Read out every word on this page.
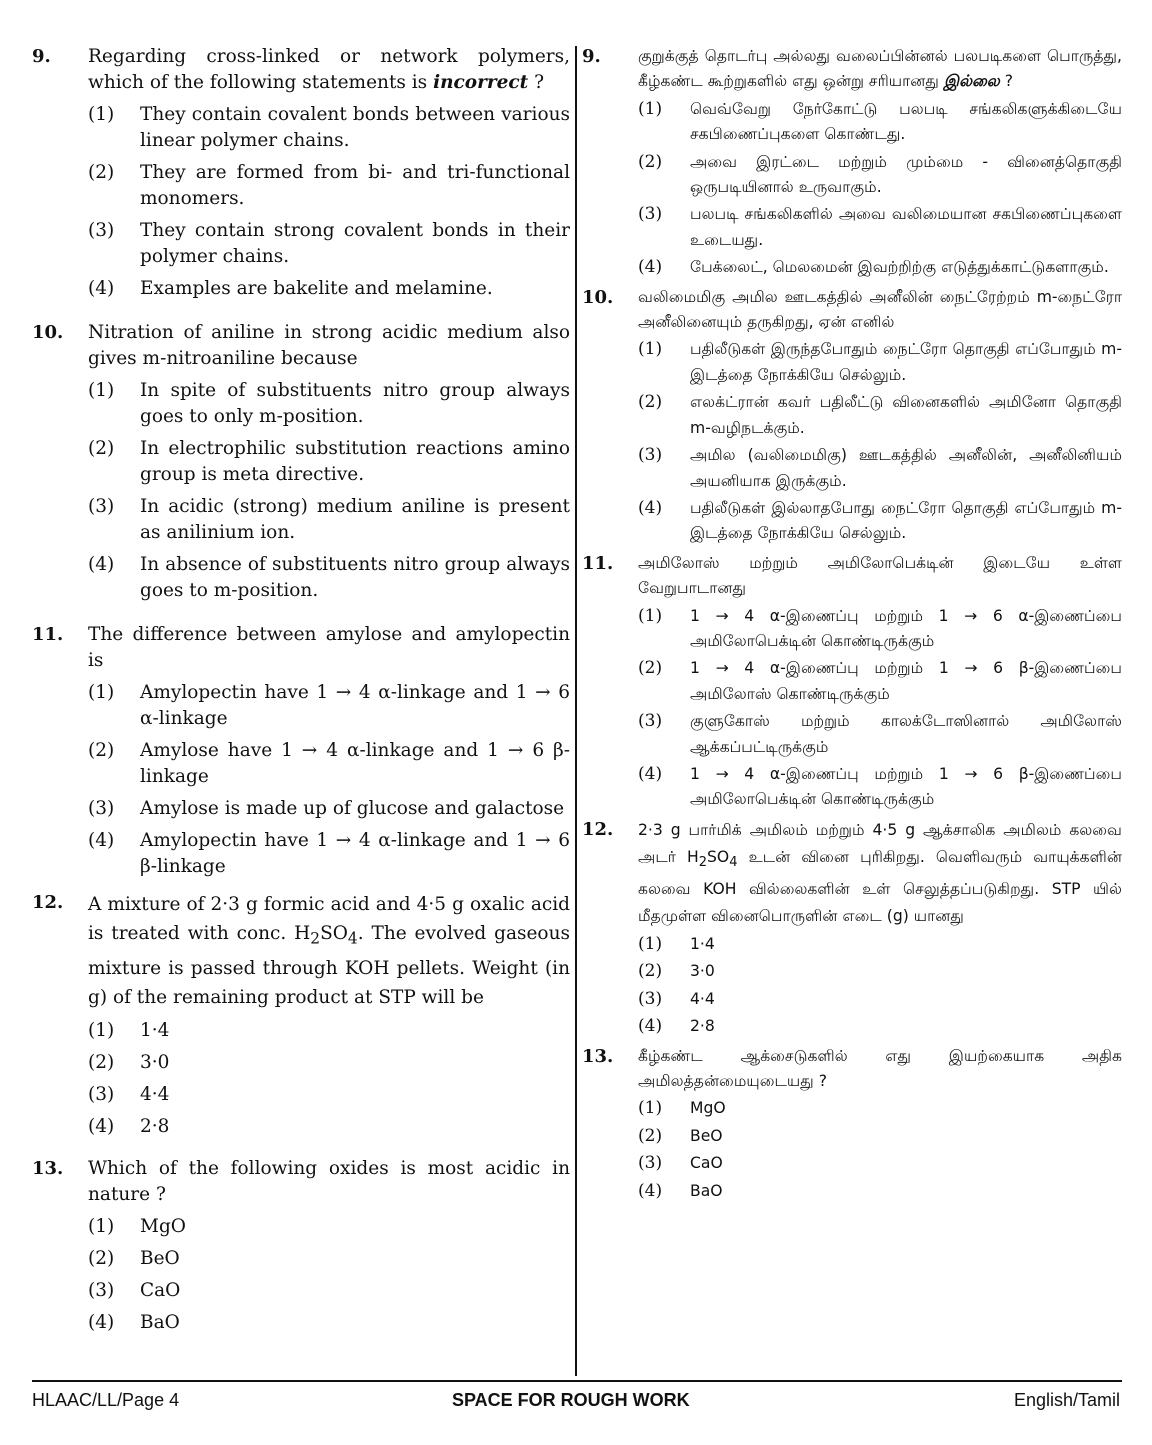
9.	Regarding cross-linked or network polymers, which of the following statements is incorrect ?
(1)	They contain covalent bonds between various linear polymer chains.
(2)	They are formed from bi- and tri-functional monomers.
(3)	They contain strong covalent bonds in their polymer chains.
(4)	Examples are bakelite and melamine.
10.	Nitration of aniline in strong acidic medium also gives m-nitroaniline because
(1)	In spite of substituents nitro group always goes to only m-position.
(2)	In electrophilic substitution reactions amino group is meta directive.
(3)	In acidic (strong) medium aniline is present as anilinium ion.
(4)	In absence of substituents nitro group always goes to m-position.
11.	The difference between amylose and amylopectin is
(1)	Amylopectin have 1 → 4 α-linkage and 1 → 6 α-linkage
(2)	Amylose have 1 → 4 α-linkage and 1 → 6 β-linkage
(3)	Amylose is made up of glucose and galactose
(4)	Amylopectin have 1 → 4 α-linkage and 1 → 6 β-linkage
12.	A mixture of 2·3 g formic acid and 4·5 g oxalic acid is treated with conc. $H_2SO_4$. The evolved gaseous mixture is passed through KOH pellets. Weight (in g) of the remaining product at STP will be
(1)	1·4
(2)	3·0
(3)	4·4
(4)	2·8
13.	Which of the following oxides is most acidic in nature ?
(1)	MgO
(2)	BeO
(3)	CaO
(4)	BaO
9.	குறுக்குத் தொடர்பு அல்லது வலைப்பின்னல் பலபடிகளை பொருத்து, கீழ்கண்ட கூற்றுகளில் எது ஒன்று சரியானது இல்லை ?
(1)	வெவ்வேறு நேர்கோட்டு பலபடி சங்கலிகளுக்கிடையே சகபிணைப்புகளை கொண்டது.
(2)	அவை இரட்டை மற்றும் மும்மை - வினைத்தொகுதி ஒருபடியினால் உருவாகும்.
(3)	பலபடி சங்கலிகளில் அவை வலிமையான சகபிணைப்புகளை உடையது.
(4)	பேக்லைட், மெலமைன் இவற்றிற்கு எடுத்துக்காட்டுகளாகும்.
10.	வலிமைமிகு அமில ஊடகத்தில் அனீலின் நைட்ரேற்றம் m-நைட்ரோ அனீலினையும் தருகிறது, ஏன் எனில்
(1)	பதிலீடுகள் இருந்தபோதும் நைட்ரோ தொகுதி எப்போதும் m-இடத்தை நோக்கியே செல்லும்.
(2)	எலக்ட்ரான் கவர் பதிலீட்டு வினைகளில் அமினோ தொகுதி m-வழிநடக்கும்.
(3)	அமில (வலிமைமிகு) ஊடகத்தில் அனீலின், அனீலினியம் அயனியாக இருக்கும்.
(4)	பதிலீடுகள் இல்லாதபோது நைட்ரோ தொகுதி எப்போதும் m-இடத்தை நோக்கியே செல்லும்.
11.	அமிலோஸ் மற்றும் அமிலோபெக்டின் இடையே உள்ள வேறுபாடானது
(1)	1 → 4 α-இணைப்பு மற்றும் 1 → 6 α-இணைப்பை அமிலோபெக்டின் கொண்டிருக்கும்
(2)	1 → 4 α-இணைப்பு மற்றும் 1 → 6 β-இணைப்பை அமிலோஸ் கொண்டிருக்கும்
(3)	குளுகோஸ் மற்றும் காலக்டோஸினால் அமிலோஸ் ஆக்கப்பட்டிருக்கும்
(4)	1 → 4 α-இணைப்பு மற்றும் 1 → 6 β-இணைப்பை அமிலோபெக்டின் கொண்டிருக்கும்
12.	2·3 g பார்மிக் அமிலம் மற்றும் 4·5 g ஆக்சாலிக அமிலம் கலவை அடர் $H_2SO_4$ உடன் வினை புரிகிறது. வெளிவரும் வாயுக்களின் கலவை KOH வில்லைகளின் உள் செலுத்தப்படுகிறது. STP யில் மீதமுள்ள வினைபொருளின் எடை (g) யானது
(1)	1·4
(2)	3·0
(3)	4·4
(4)	2·8
13.	கீழ்கண்ட ஆக்சைடுகளில் எது இயற்கையாக அதிக அமிலத்தன்மையுடையது ?
(1)	MgO
(2)	BeO
(3)	CaO
(4)	BaO
HLAAC/LL/Page 4	SPACE FOR ROUGH WORK	English/Tamil
